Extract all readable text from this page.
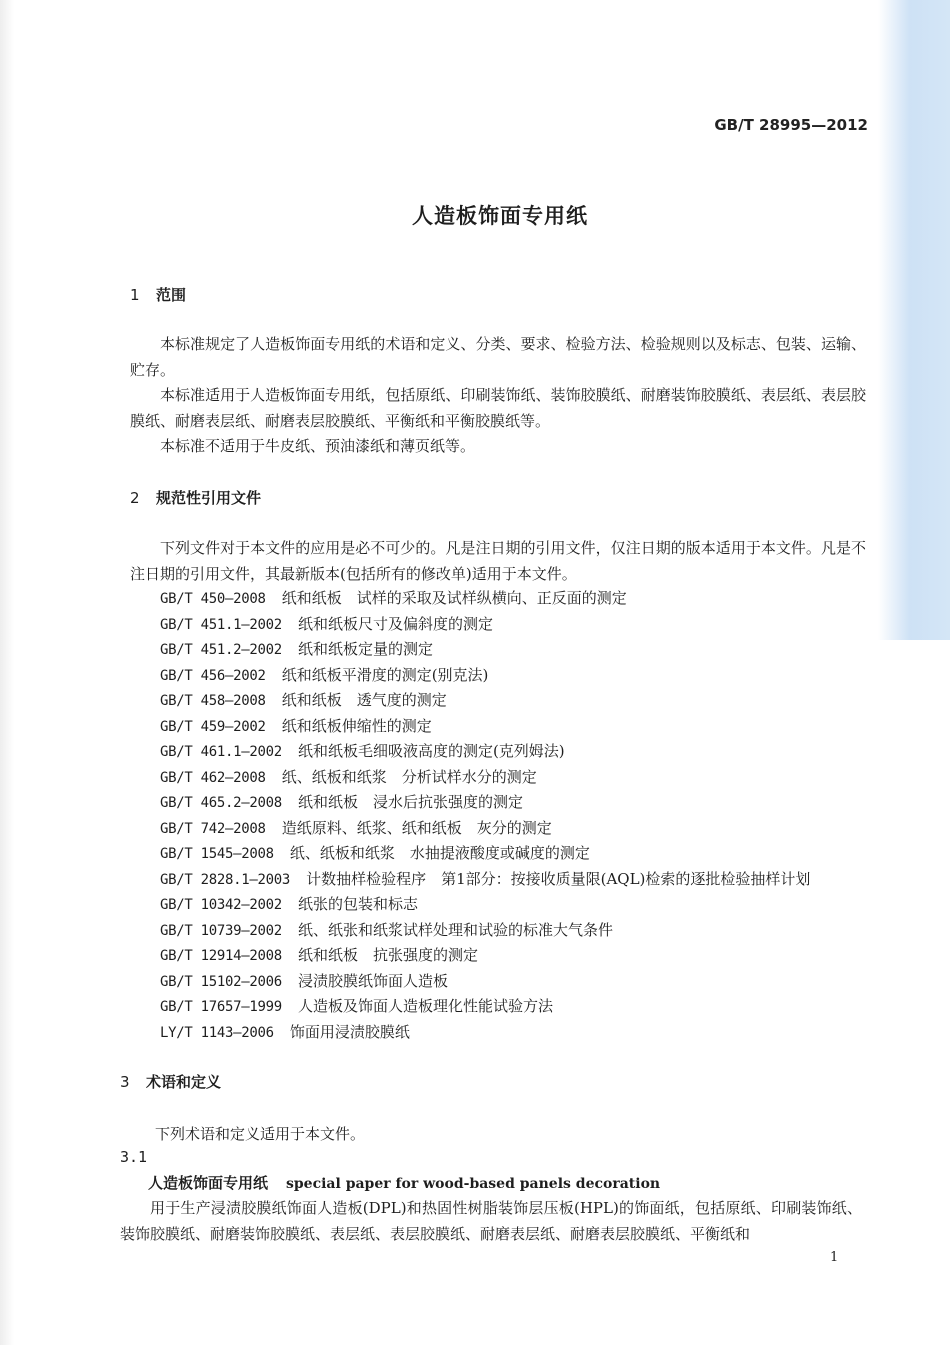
GB/T 28995—2012
人造板饰面专用纸
1 范围

本标准规定了人造板饰面专用纸的术语和定义、分类、要求、检验方法、检验规则以及标志、包装、运输、贮存。

本标准适用于人造板饰面专用纸，包括原纸、印刷装饰纸、装饰胶膜纸、耐磨装饰胶膜纸、表层纸、表层胶膜纸、耐磨表层纸、耐磨表层胶膜纸、平衡纸和平衡胶膜纸等。

本标准不适用于牛皮纸、预油漆纸和薄页纸等。

2 规范性引用文件

下列文件对于本文件的应用是必不可少的。凡是注日期的引用文件，仅注日期的版本适用于本文件。凡是不注日期的引用文件，其最新版本(包括所有的修改单)适用于本文件。

GB/T 450—2008 纸和纸板　试样的采取及试样纵横向、正反面的测定
GB/T 451.1—2002 纸和纸板尺寸及偏斜度的测定
GB/T 451.2—2002 纸和纸板定量的测定
GB/T 456—2002 纸和纸板平滑度的测定(别克法)
GB/T 458—2008 纸和纸板　透气度的测定
GB/T 459—2002 纸和纸板伸缩性的测定
GB/T 461.1—2002 纸和纸板毛细吸液高度的测定(克列姆法)
GB/T 462—2008 纸、纸板和纸浆　分析试样水分的测定
GB/T 465.2—2008 纸和纸板　浸水后抗张强度的测定
GB/T 742—2008 造纸原料、纸浆、纸和纸板　灰分的测定
GB/T 1545—2008 纸、纸板和纸浆　水抽提液酸度或碱度的测定
GB/T 2828.1—2003 计数抽样检验程序　第1部分：按接收质量限(AQL)检索的逐批检验抽样计划
GB/T 10342—2002 纸张的包装和标志
GB/T 10739—2002 纸、纸张和纸浆试样处理和试验的标准大气条件
GB/T 12914—2008 纸和纸板　抗张强度的测定
GB/T 15102—2006 浸渍胶膜纸饰面人造板
GB/T 17657—1999 人造板及饰面人造板理化性能试验方法
LY/T 1143—2006 饰面用浸渍胶膜纸
3 术语和定义

下列术语和定义适用于本文件。

3.1
人造板饰面专用纸 special paper for wood-based panels decoration

用于生产浸渍胶膜纸饰面人造板(DPL)和热固性树脂装饰层压板(HPL)的饰面纸，包括原纸、印刷装饰纸、装饰胶膜纸、耐磨装饰胶膜纸、表层纸、表层胶膜纸、耐磨表层纸、耐磨表层胶膜纸、平衡纸和

1
